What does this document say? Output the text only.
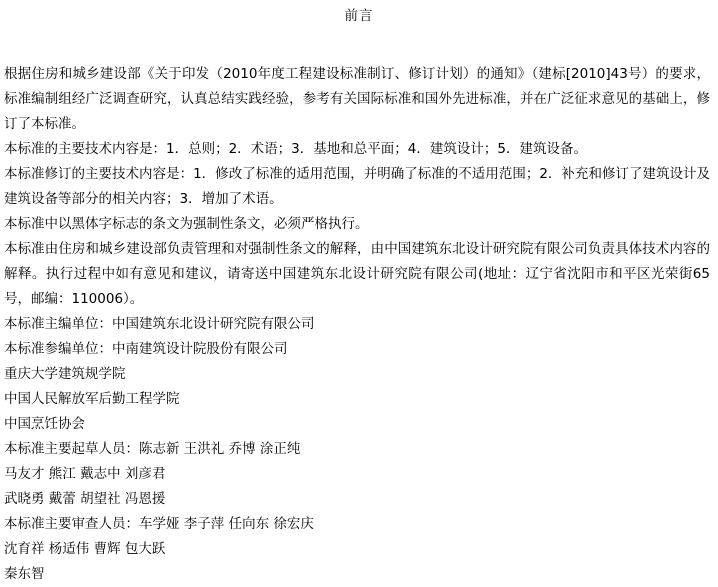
前言

根据住房和城乡建设部《关于印发（2010年度工程建设标准制订、修订计划）的通知》（建标[2010]43号）的要求，标准编制组经广泛调查研究，认真总结实践经验，参考有关国际标准和国外先进标准，并在广泛征求意见的基础上，修订了本标准。

本标准的主要技术内容是：1．总则；2．术语；3．基地和总平面；4．建筑设计；5．建筑设备。

本标准修订的主要技术内容是：1．修改了标准的适用范围，并明确了标准的不适用范围；2．补充和修订了建筑设计及建筑设备等部分的相关内容；3．增加了术语。

本标准中以黑体字标志的条文为强制性条文，必须严格执行。

本标准由住房和城乡建设部负责管理和对强制性条文的解释，由中国建筑东北设计研究院有限公司负责具体技术内容的解释。执行过程中如有意见和建议，请寄送中国建筑东北设计研究院有限公司(地址：辽宁省沈阳市和平区光荣街65号，邮编：110006）。

本标准主编单位：中国建筑东北设计研究院有限公司

本标准参编单位：中南建筑设计院股份有限公司

重庆大学建筑规学院

中国人民解放军后勤工程学院

中国烹饪协会

本标准主要起草人员：陈志新 王洪礼 乔博 涂正纯

马友才 熊江 戴志中 刘彦君

武晓勇 戴蕾 胡望社 冯恩援

本标准主要审查人员：车学娅 李子萍 任向东 徐宏庆

沈育祥 杨适伟 曹辉 包大跃

秦东智
